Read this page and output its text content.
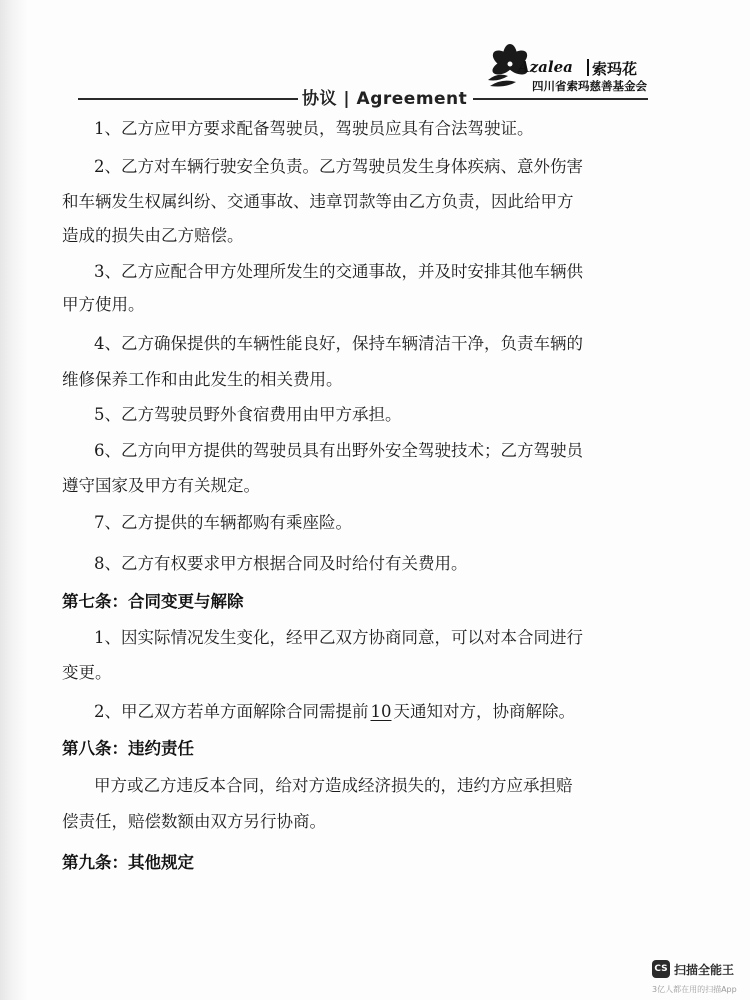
协议 | Agreement
Azalea 索玛花
四川省索玛慈善基金会
1、乙方应甲方要求配备驾驶员，驾驶员应具有合法驾驶证。
2、乙方对车辆行驶安全负责。乙方驾驶员发生身体疾病、意外伤害
和车辆发生权属纠纷、交通事故、违章罚款等由乙方负责，因此给甲方
造成的损失由乙方赔偿。
3、乙方应配合甲方处理所发生的交通事故，并及时安排其他车辆供
甲方使用。
4、乙方确保提供的车辆性能良好，保持车辆清洁干净，负责车辆的
维修保养工作和由此发生的相关费用。
5、乙方驾驶员野外食宿费用由甲方承担。
6、乙方向甲方提供的驾驶员具有出野外安全驾驶技术；乙方驾驶员
遵守国家及甲方有关规定。
7、乙方提供的车辆都购有乘座险。
8、乙方有权要求甲方根据合同及时给付有关费用。
第七条：合同变更与解除
1、因实际情况发生变化，经甲乙双方协商同意，可以对本合同进行
变更。
2、甲乙双方若单方面解除合同需提前 10 天通知对方，协商解除。
第八条：违约责任
甲方或乙方违反本合同，给对方造成经济损失的，违约方应承担赔
偿责任，赔偿数额由双方另行协商。
第九条：其他规定
CS 扫描全能王
3亿人都在用的扫描App
